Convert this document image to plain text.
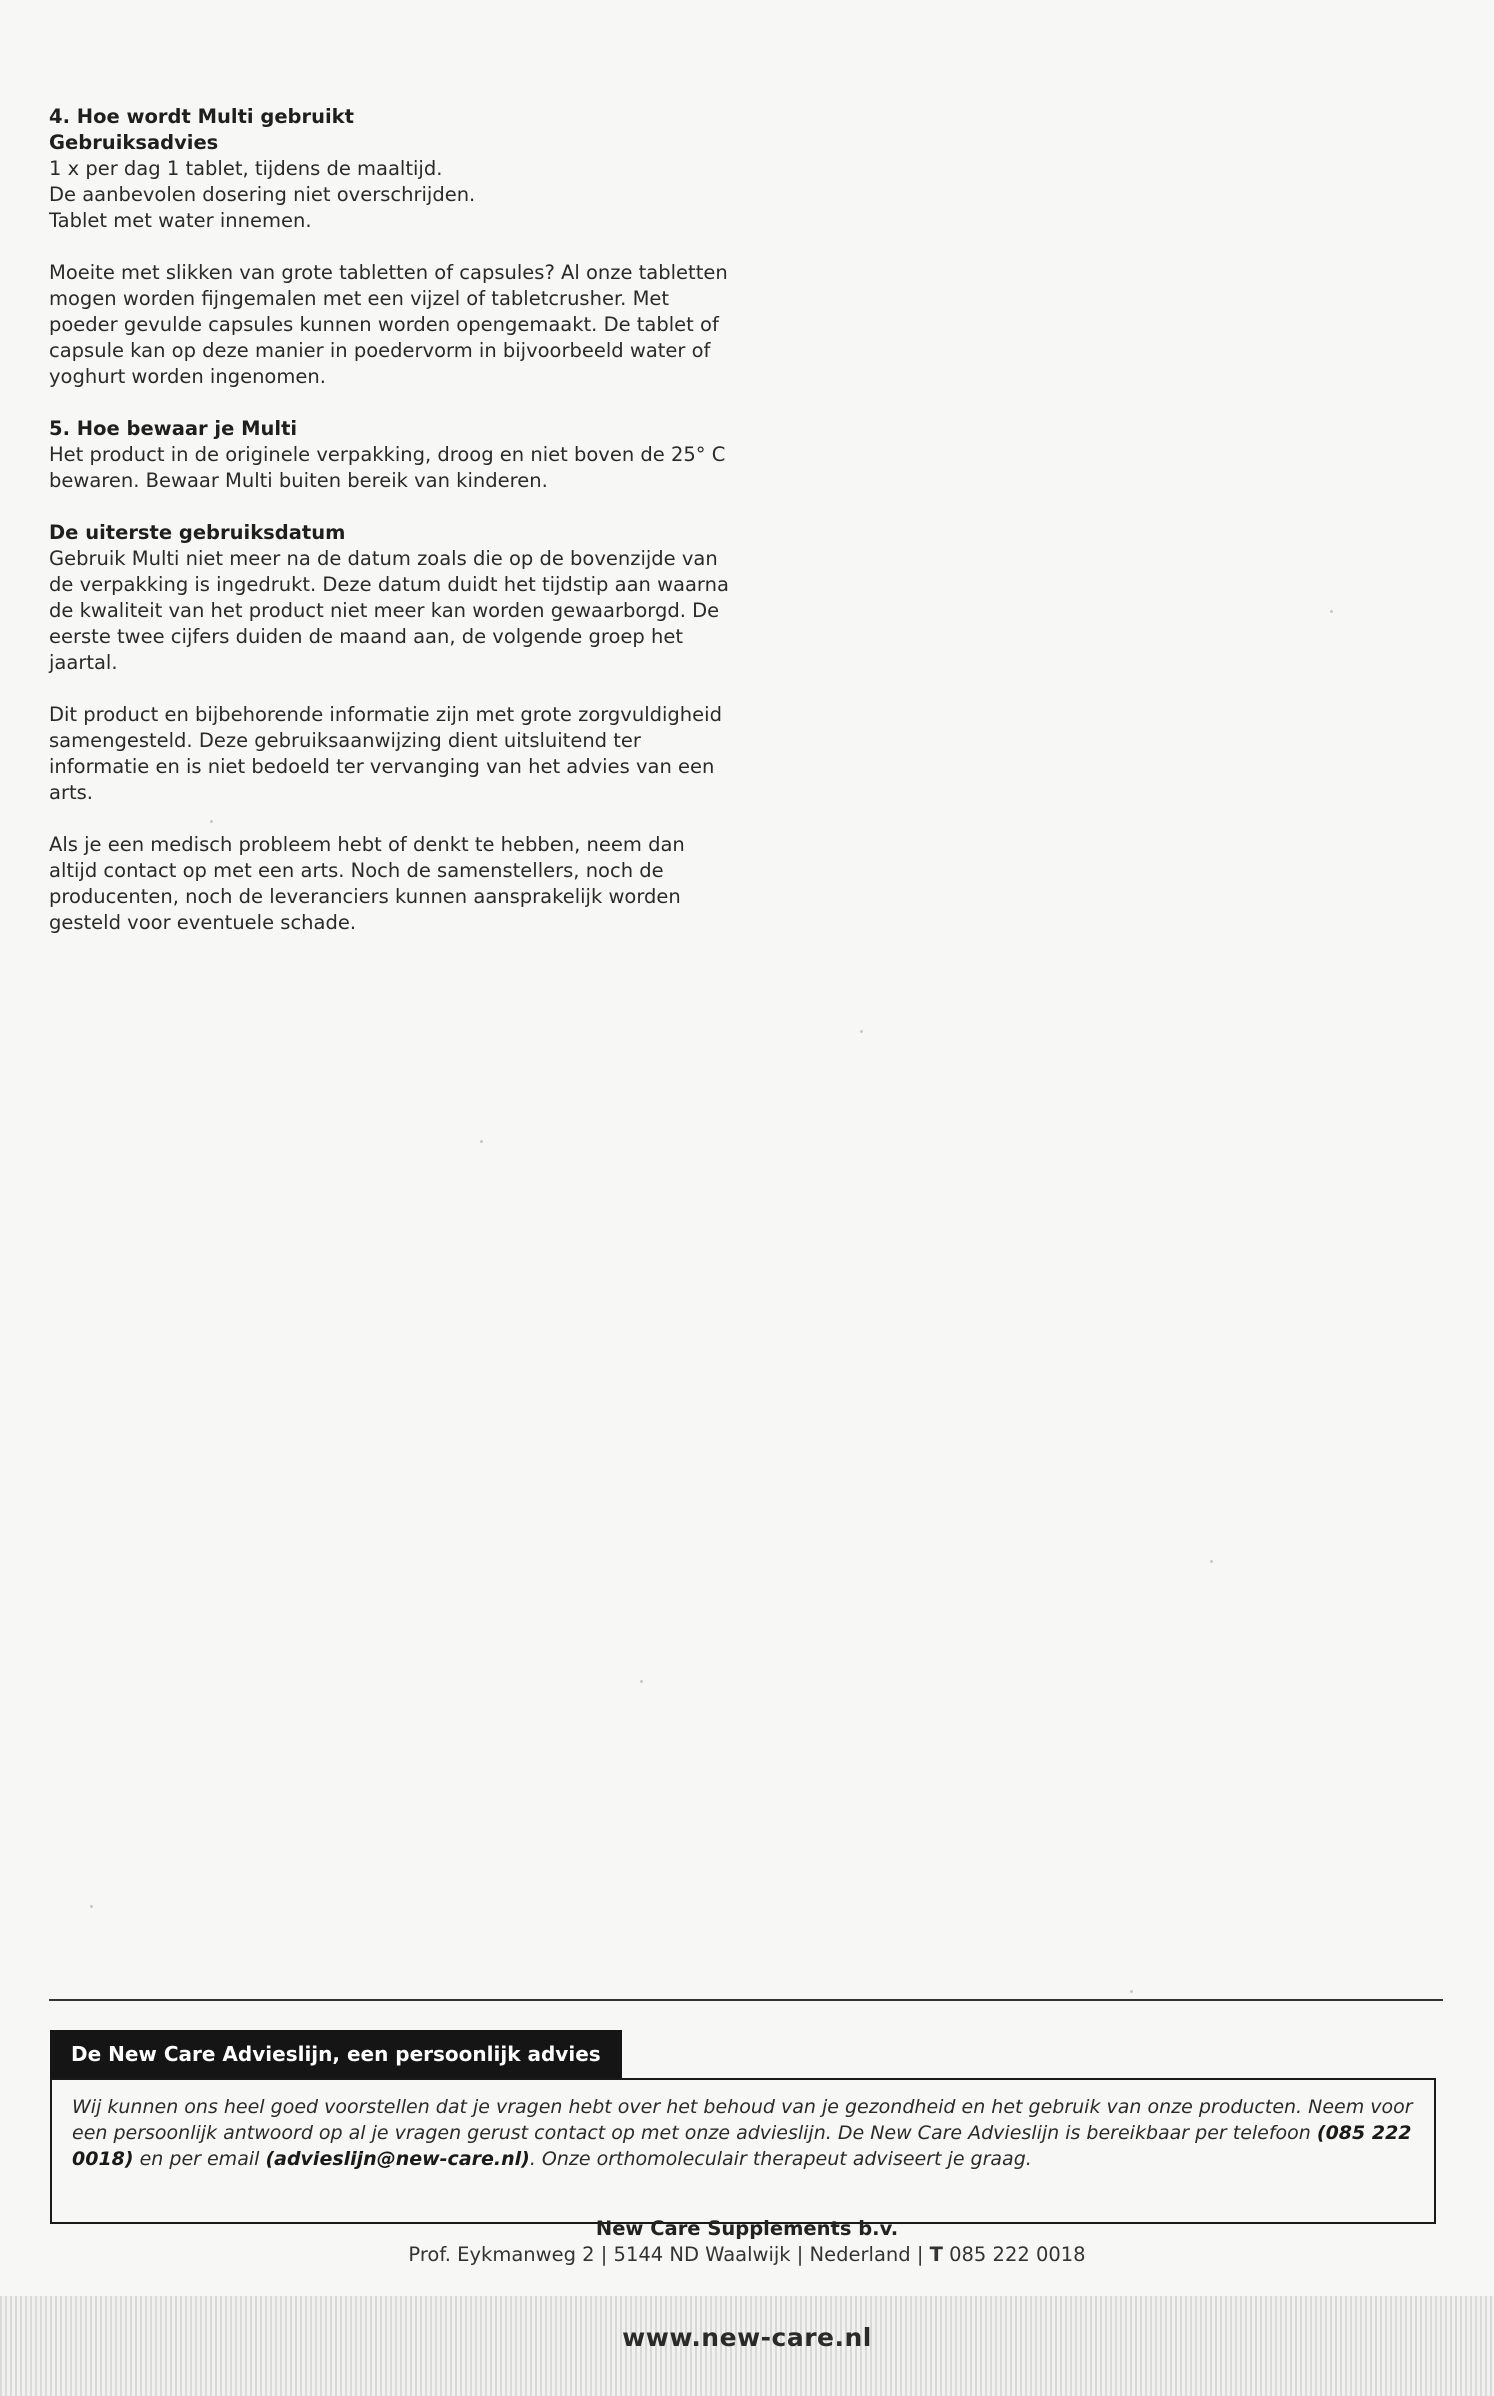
4. Hoe wordt Multi gebruikt

Gebruiksadvies

1 x per dag 1 tablet, tijdens de maaltijd.

De aanbevolen dosering niet overschrijden.

Tablet met water innemen.

Moeite met slikken van grote tabletten of capsules? Al onze tabletten mogen worden fijngemalen met een vijzel of tabletcrusher. Met poeder gevulde capsules kunnen worden opengemaakt. De tablet of capsule kan op deze manier in poedervorm in bijvoorbeeld water of yoghurt worden ingenomen.

5. Hoe bewaar je Multi

Het product in de originele verpakking, droog en niet boven de 25° C bewaren. Bewaar Multi buiten bereik van kinderen.

De uiterste gebruiksdatum

Gebruik Multi niet meer na de datum zoals die op de bovenzijde van de verpakking is ingedrukt. Deze datum duidt het tijdstip aan waarna de kwaliteit van het product niet meer kan worden gewaarborgd. De eerste twee cijfers duiden de maand aan, de volgende groep het jaartal.

Dit product en bijbehorende informatie zijn met grote zorgvuldigheid samengesteld. Deze gebruiksaanwijzing dient uitsluitend ter informatie en is niet bedoeld ter vervanging van het advies van een arts.

Als je een medisch probleem hebt of denkt te hebben, neem dan altijd contact op met een arts. Noch de samenstellers, noch de producenten, noch de leveranciers kunnen aansprakelijk worden gesteld voor eventuele schade.

De New Care Advieslijn, een persoonlijk advies
Wij kunnen ons heel goed voorstellen dat je vragen hebt over het behoud van je gezondheid en het gebruik van onze producten. Neem voor een persoonlijk antwoord op al je vragen gerust contact op met onze advieslijn. De New Care Advieslijn is bereikbaar per telefoon (085 222 0018) en per email (advieslijn@new-care.nl). Onze orthomoleculair therapeut adviseert je graag.
New Care Supplements b.v.
Prof. Eykmanweg 2 | 5144 ND Waalwijk | Nederland | T 085 222 0018
www.new-care.nl
